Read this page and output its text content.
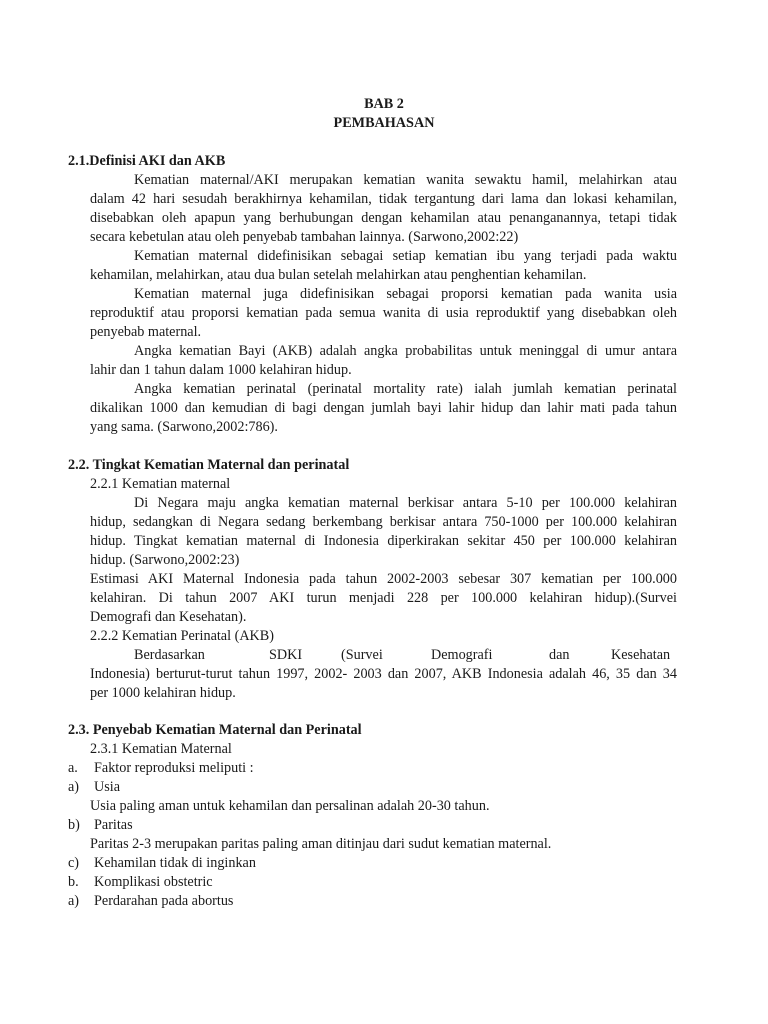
BAB 2
PEMBAHASAN
2.1.Definisi AKI dan AKB
Kematian maternal/AKI merupakan kematian wanita sewaktu hamil, melahirkan atau
dalam 42 hari sesudah berakhirnya kehamilan, tidak tergantung dari lama dan lokasi kehamilan,
disebabkan oleh apapun yang berhubungan dengan kehamilan atau penanganannya, tetapi tidak
secara kebetulan atau oleh penyebab tambahan lainnya. (Sarwono,2002:22)
Kematian maternal didefinisikan sebagai setiap kematian ibu yang terjadi pada waktu
kehamilan, melahirkan, atau dua bulan setelah melahirkan atau penghentian kehamilan.
Kematian maternal juga didefinisikan sebagai proporsi kematian pada wanita usia
reproduktif atau proporsi kematian pada semua wanita di usia reproduktif yang disebabkan oleh
penyebab maternal.
Angka kematian Bayi (AKB) adalah angka probabilitas untuk meninggal di umur antara
lahir dan 1 tahun dalam 1000 kelahiran hidup.
Angka kematian perinatal (perinatal mortality rate) ialah jumlah kematian perinatal
dikalikan 1000 dan kemudian di bagi dengan jumlah bayi lahir hidup dan lahir mati pada tahun
yang sama. (Sarwono,2002:786).
2.2. Tingkat Kematian Maternal dan perinatal
2.2.1 Kematian maternal
Di Negara maju angka kematian maternal berkisar antara 5-10 per 100.000 kelahiran
hidup, sedangkan di Negara sedang berkembang berkisar antara 750-1000 per 100.000 kelahiran
hidup. Tingkat kematian maternal di Indonesia diperkirakan sekitar 450 per 100.000 kelahiran
hidup. (Sarwono,2002:23)
Estimasi AKI Maternal Indonesia pada tahun 2002-2003 sebesar 307 kematian per 100.000
kelahiran. Di tahun 2007 AKI turun menjadi 228 per 100.000 kelahiran hidup).(Survei
Demografi dan Kesehatan).
2.2.2 Kematian Perinatal (AKB)
Berdasarkan	SDKI	(Survei	Demografi	dan	Kesehatan
Indonesia) berturut-turut tahun 1997, 2002- 2003 dan 2007, AKB Indonesia adalah 46, 35 dan 34
per 1000 kelahiran hidup.
2.3. Penyebab Kematian Maternal dan Perinatal
2.3.1 Kematian Maternal
a. Faktor reproduksi meliputi :
a) Usia
Usia paling aman untuk kehamilan dan persalinan adalah 20-30 tahun.
b) Paritas
Paritas 2-3 merupakan paritas paling aman ditinjau dari sudut kematian maternal.
c) Kehamilan tidak di inginkan
b. Komplikasi obstetric
a) Perdarahan pada abortus
